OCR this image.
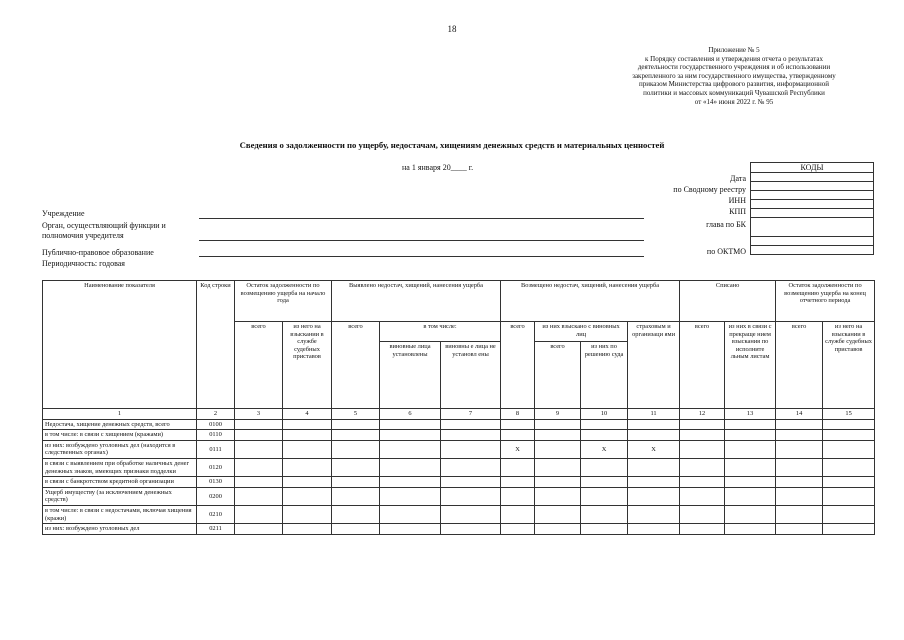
18
Приложение № 5
к Порядку составления и утверждения отчета о результатах
деятельности государственного учреждения и об использовании
закрепленного за ним государственного имущества, утвержденному
приказом Министерства цифрового развития, информационной
политики и массовых коммуникаций Чувашской Республики
от «14» июня 2022 г. № 95
Сведения о задолженности по ущербу, недостачам, хищениям денежных средств и материальных ценностей
на 1 января 20____ г.	КОДЫ

Дата
по Сводному реестру
ИНН
КПП
глава по БК
по ОКТМО
Учреждение
Орган, осуществляющий функции и
полномочия учредителя
Публично-правовое образование
Периодичность: годовая
Наименование показателя	Код строки	Остаток задолженности по возмещению ущерба на начало года		Выявлено недостач, хищений, нанесения ущерба			Возмещено недостач, хищений, нанесения ущерба				Списано		Остаток задолженности по возмещению ущерба на конец отчетного периода	
		всего	из него на взыскании в службе судебных приставов	всего	в том числе:		всего	из них взыскано с виновных лиц		страховым и организаци ями	всего	из них в связи с прекраще нием взыскания по исполните льным листам	всего	из него на взыскании в службе судебных приставов
					виновные лица установлены	виновны е лица не установл ены		всего	из них по решению суда					
1	2	3	4	5	6	7	8	9	10	11	12	13	14	15
Недостача, хищение денежных средств, всего	0100													
в том числе: в связи с хищением (кражами)	0110													
из них: возбуждено уголовных дел (находится в следственных органах)	0111						Х		Х	Х				
в связи с выявлением при обработке наличных денег денежных знаков, имеющих признаки подделки	0120													
в связи с банкротством кредитной организации	0130													
Ущерб имуществу (за исключением денежных средств)	0200													
в том числе: в связи с недостачами, включая хищения (кражи)	0210													
из них: возбуждено уголовных дел	0211													
